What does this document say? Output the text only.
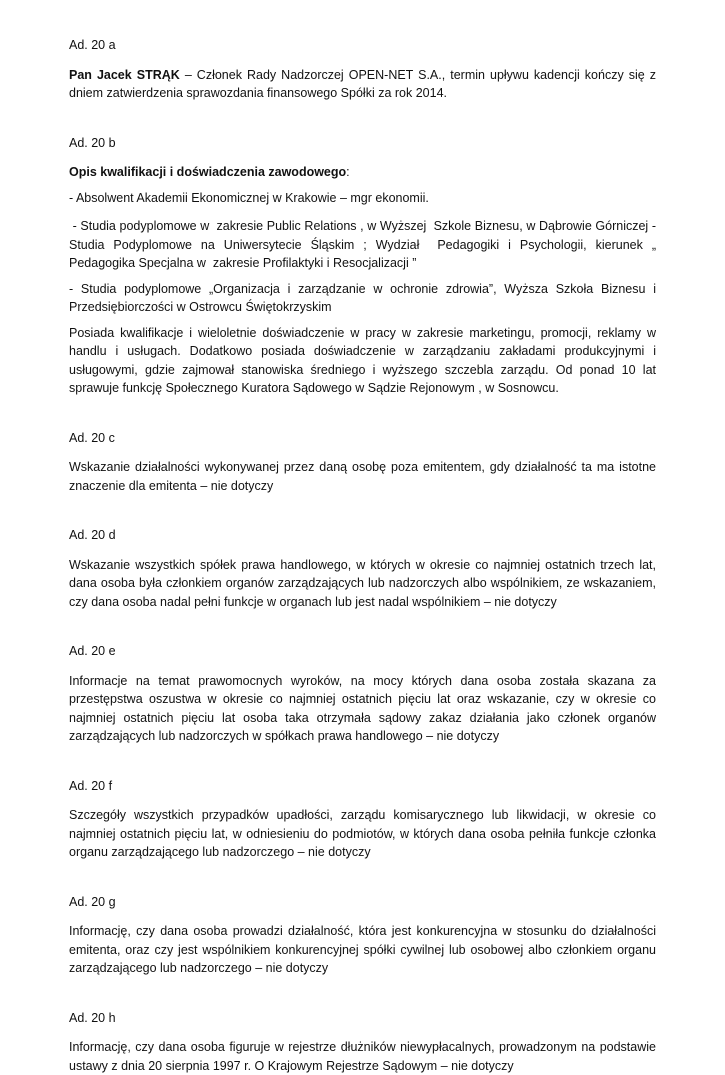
Ad. 20 a

Pan Jacek STRĄK – Członek Rady Nadzorczej OPEN-NET S.A., termin upływu kadencji kończy się z dniem zatwierdzenia sprawozdania finansowego Spółki za rok 2014.

Ad. 20 b

Opis kwalifikacji i doświadczenia zawodowego:

- Absolwent Akademii Ekonomicznej w Krakowie – mgr ekonomii.

- Studia podyplomowe w  zakresie Public Relations , w Wyższej  Szkole Biznesu, w Dąbrowie Górniczej - Studia Podyplomowe na Uniwersytecie Śląskim ; Wydział  Pedagogiki i Psychologii, kierunek „ Pedagogika Specjalna w  zakresie Profilaktyki i Resocjalizacji ”

- Studia podyplomowe „Organizacja i zarządzanie w ochronie zdrowia”, Wyższa Szkoła Biznesu i Przedsiębiorczości w Ostrowcu Świętokrzyskim

Posiada kwalifikacje i wieloletnie doświadczenie w pracy w zakresie marketingu, promocji, reklamy w handlu i usługach. Dodatkowo posiada doświadczenie w zarządzaniu zakładami produkcyjnymi i usługowymi, gdzie zajmował stanowiska średniego i wyższego szczebla zarządu. Od ponad 10 lat sprawuje funkcję Społecznego Kuratora Sądowego w Sądzie Rejonowym , w Sosnowcu.

Ad. 20 c

Wskazanie działalności wykonywanej przez daną osobę poza emitentem, gdy działalność ta ma istotne znaczenie dla emitenta – nie dotyczy

Ad. 20 d

Wskazanie wszystkich spółek prawa handlowego, w których w okresie co najmniej ostatnich trzech lat, dana osoba była członkiem organów zarządzających lub nadzorczych albo wspólnikiem, ze wskazaniem, czy dana osoba nadal pełni funkcje w organach lub jest nadal wspólnikiem – nie dotyczy

Ad. 20 e

Informacje na temat prawomocnych wyroków, na mocy których dana osoba została skazana za przestępstwa oszustwa w okresie co najmniej ostatnich pięciu lat oraz wskazanie, czy w okresie co najmniej ostatnich pięciu lat osoba taka otrzymała sądowy zakaz działania jako członek organów zarządzających lub nadzorczych w spółkach prawa handlowego – nie dotyczy

Ad. 20 f

Szczegóły wszystkich przypadków upadłości, zarządu komisarycznego lub likwidacji, w okresie co najmniej ostatnich pięciu lat, w odniesieniu do podmiotów, w których dana osoba pełniła funkcje członka organu zarządzającego lub nadzorczego – nie dotyczy

Ad. 20 g

Informację, czy dana osoba prowadzi działalność, która jest konkurencyjna w stosunku do działalności emitenta, oraz czy jest wspólnikiem konkurencyjnej spółki cywilnej lub osobowej albo członkiem organu zarządzającego lub nadzorczego – nie dotyczy

Ad. 20 h

Informację, czy dana osoba figuruje w rejestrze dłużników niewypłacalnych, prowadzonym na podstawie ustawy z dnia 20 sierpnia 1997 r. O Krajowym Rejestrze Sądowym – nie dotyczy
